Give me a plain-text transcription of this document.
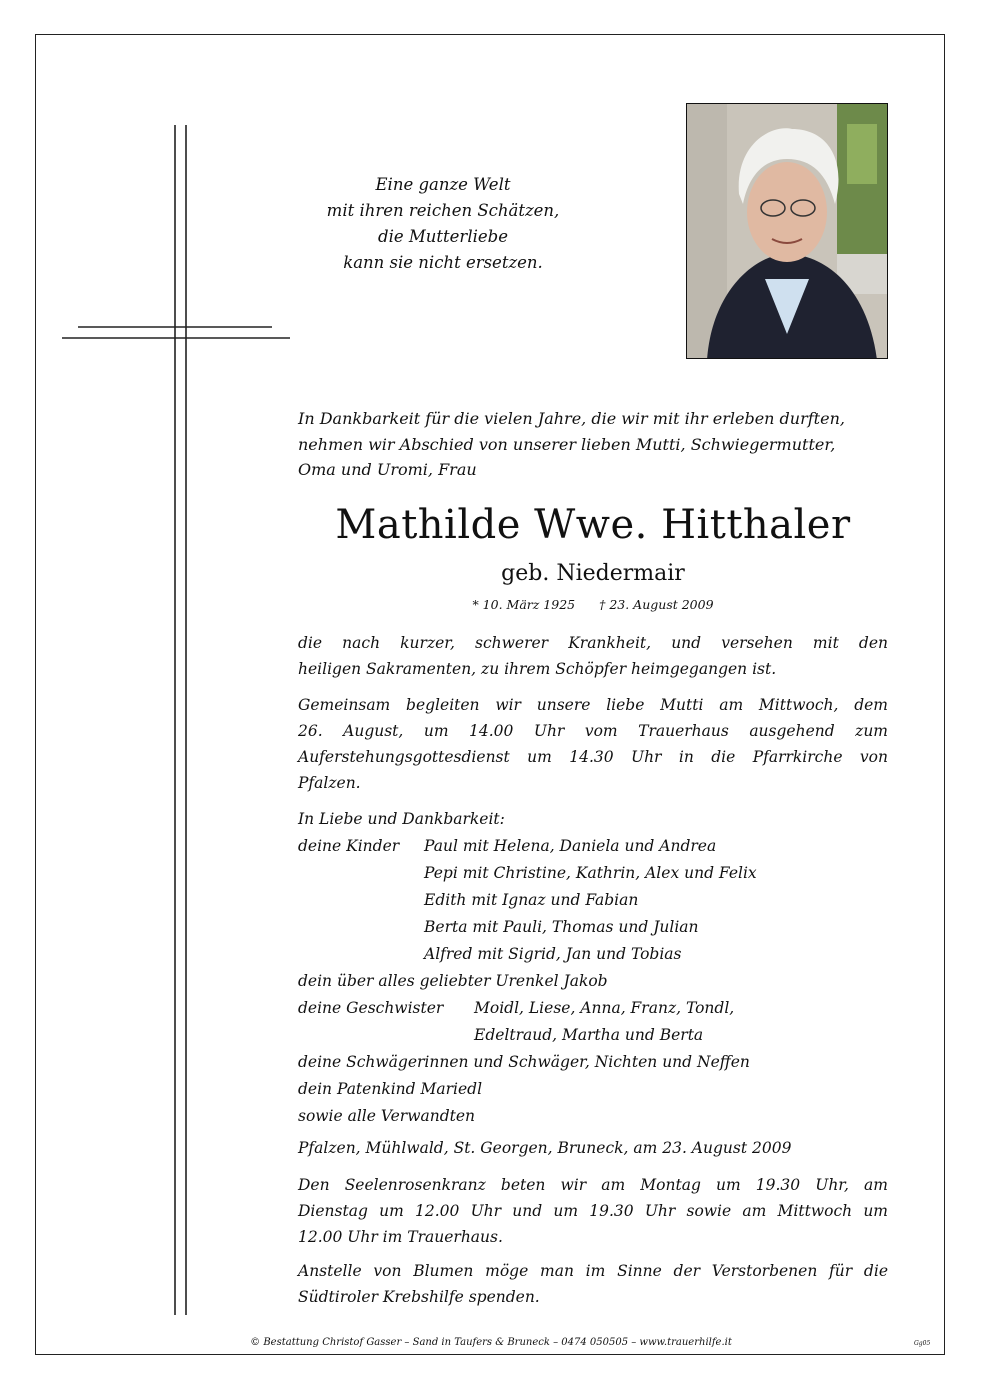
Eine ganze Welt
mit ihren reichen Schätzen,
die Mutterliebe
kann sie nicht ersetzen.
In Dankbarkeit für die vielen Jahre, die wir mit ihr erleben durften,
nehmen wir Abschied von unserer lieben Mutti, Schwiegermutter,
Oma und Uromi, Frau
Mathilde Wwe. Hitthaler
geb. Niedermair
* 10. März 1925 † 23. August 2009
die nach kurzer, schwerer Krankheit, und versehen mit den
heiligen Sakramenten, zu ihrem Schöpfer heimgegangen ist.
Gemeinsam begleiten wir unsere liebe Mutti am Mittwoch, dem
26. August, um 14.00 Uhr vom Trauerhaus ausgehend zum
Auferstehungsgottesdienst um 14.30 Uhr in die Pfarrkirche von
Pfalzen.
In Liebe und Dankbarkeit:
deine Kinder Paul mit Helena, Daniela und Andrea
Pepi mit Christine, Kathrin, Alex und Felix
Edith mit Ignaz und Fabian
Berta mit Pauli, Thomas und Julian
Alfred mit Sigrid, Jan und Tobias
dein über alles geliebter Urenkel Jakob
deine Geschwister Moidl, Liese, Anna, Franz, Tondl,
Edeltraud, Martha und Berta
deine Schwägerinnen und Schwäger, Nichten und Neffen
dein Patenkind Mariedl
sowie alle Verwandten
Pfalzen, Mühlwald, St. Georgen, Bruneck, am 23. August 2009
Den Seelenrosenkranz beten wir am Montag um 19.30 Uhr, am
Dienstag um 12.00 Uhr und um 19.30 Uhr sowie am Mittwoch um
12.00 Uhr im Trauerhaus.
Anstelle von Blumen möge man im Sinne der Verstorbenen für die
Südtiroler Krebshilfe spenden.
© Bestattung Christof Gasser – Sand in Taufers & Bruneck – 0474 050505 – www.trauerhilfe.it	Gg05
